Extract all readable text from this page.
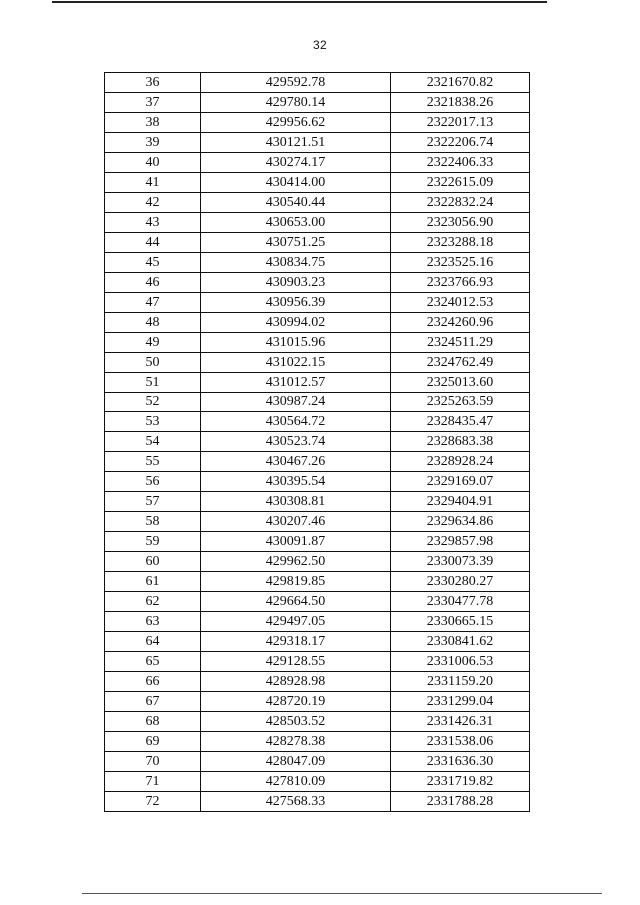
32
36	429592.78	2321670.82
37	429780.14	2321838.26
38	429956.62	2322017.13
39	430121.51	2322206.74
40	430274.17	2322406.33
41	430414.00	2322615.09
42	430540.44	2322832.24
43	430653.00	2323056.90
44	430751.25	2323288.18
45	430834.75	2323525.16
46	430903.23	2323766.93
47	430956.39	2324012.53
48	430994.02	2324260.96
49	431015.96	2324511.29
50	431022.15	2324762.49
51	431012.57	2325013.60
52	430987.24	2325263.59
53	430564.72	2328435.47
54	430523.74	2328683.38
55	430467.26	2328928.24
56	430395.54	2329169.07
57	430308.81	2329404.91
58	430207.46	2329634.86
59	430091.87	2329857.98
60	429962.50	2330073.39
61	429819.85	2330280.27
62	429664.50	2330477.78
63	429497.05	2330665.15
64	429318.17	2330841.62
65	429128.55	2331006.53
66	428928.98	2331159.20
67	428720.19	2331299.04
68	428503.52	2331426.31
69	428278.38	2331538.06
70	428047.09	2331636.30
71	427810.09	2331719.82
72	427568.33	2331788.28
